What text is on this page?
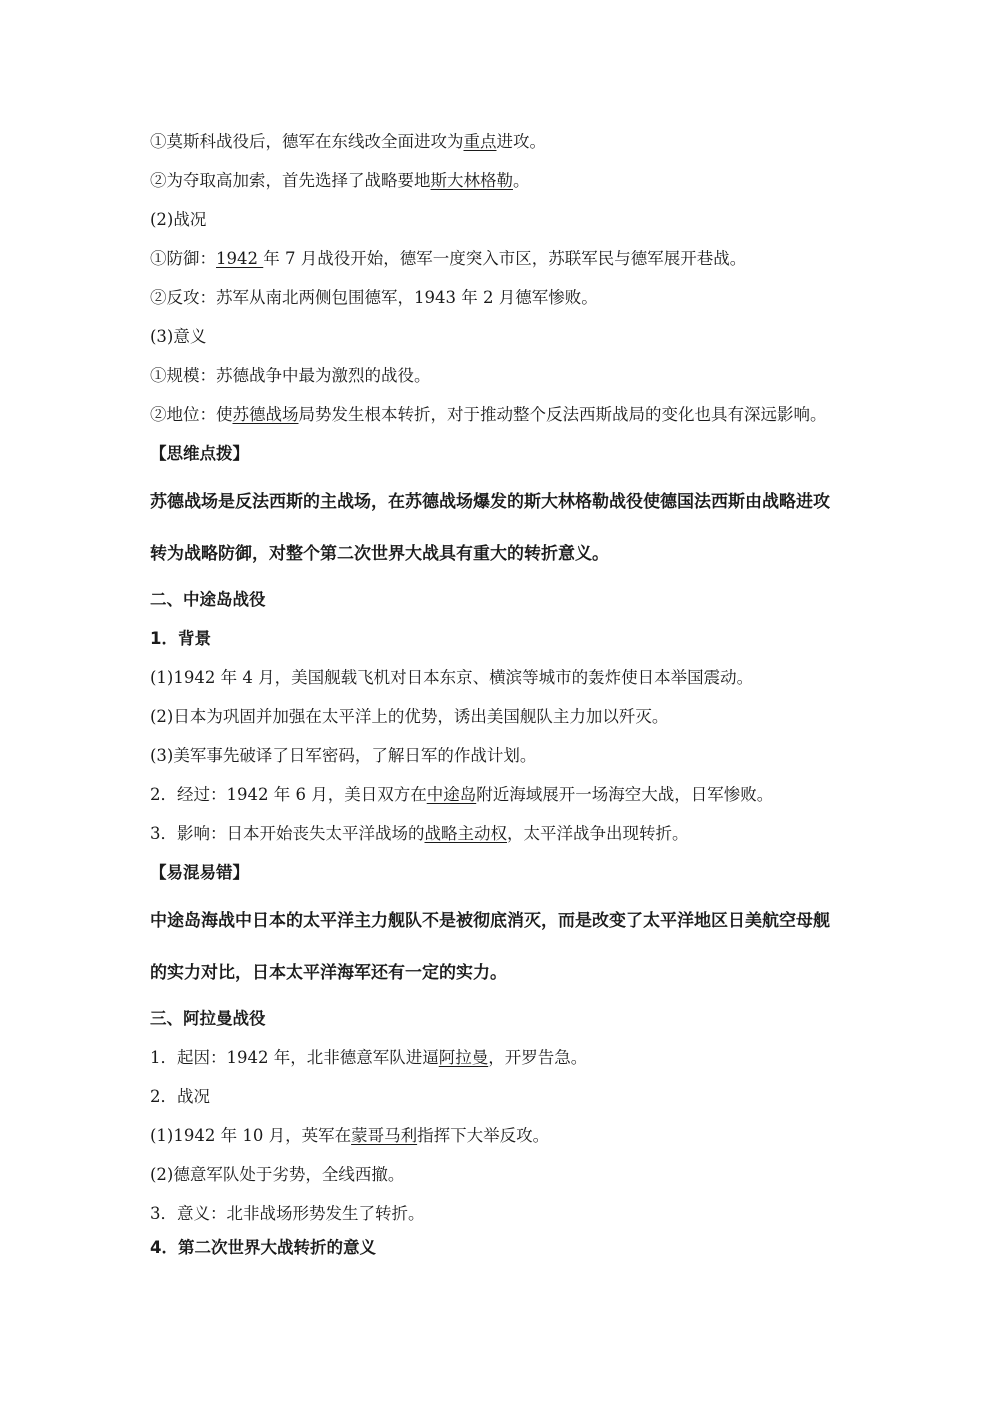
①莫斯科战役后，德军在东线改全面进攻为重点进攻。
②为夺取高加索，首先选择了战略要地斯大林格勒。
(2)战况
①防御：1942 年 7 月战役开始，德军一度突入市区，苏联军民与德军展开巷战。
②反攻：苏军从南北两侧包围德军，1943 年 2 月德军惨败。
(3)意义
①规模：苏德战争中最为激烈的战役。
②地位：使苏德战场局势发生根本转折，对于推动整个反法西斯战局的变化也具有深远影响。
【思维点拨】
苏德战场是反法西斯的主战场，在苏德战场爆发的斯大林格勒战役使德国法西斯由战略进攻
转为战略防御，对整个第二次世界大战具有重大的转折意义。
二、中途岛战役
1．背景
(1)1942 年 4 月，美国舰载飞机对日本东京、横滨等城市的轰炸使日本举国震动。
(2)日本为巩固并加强在太平洋上的优势，诱出美国舰队主力加以歼灭。
(3)美军事先破译了日军密码，了解日军的作战计划。
2．经过：1942 年 6 月，美日双方在中途岛附近海域展开一场海空大战，日军惨败。
3．影响：日本开始丧失太平洋战场的战略主动权，太平洋战争出现转折。
【易混易错】
中途岛海战中日本的太平洋主力舰队不是被彻底消灭，而是改变了太平洋地区日美航空母舰
的实力对比，日本太平洋海军还有一定的实力。
三、阿拉曼战役
1．起因：1942 年，北非德意军队进逼阿拉曼，开罗告急。
2．战况
(1)1942 年 10 月，英军在蒙哥马利指挥下大举反攻。
(2)德意军队处于劣势，全线西撤。
3．意义：北非战场形势发生了转折。
4．第二次世界大战转折的意义
